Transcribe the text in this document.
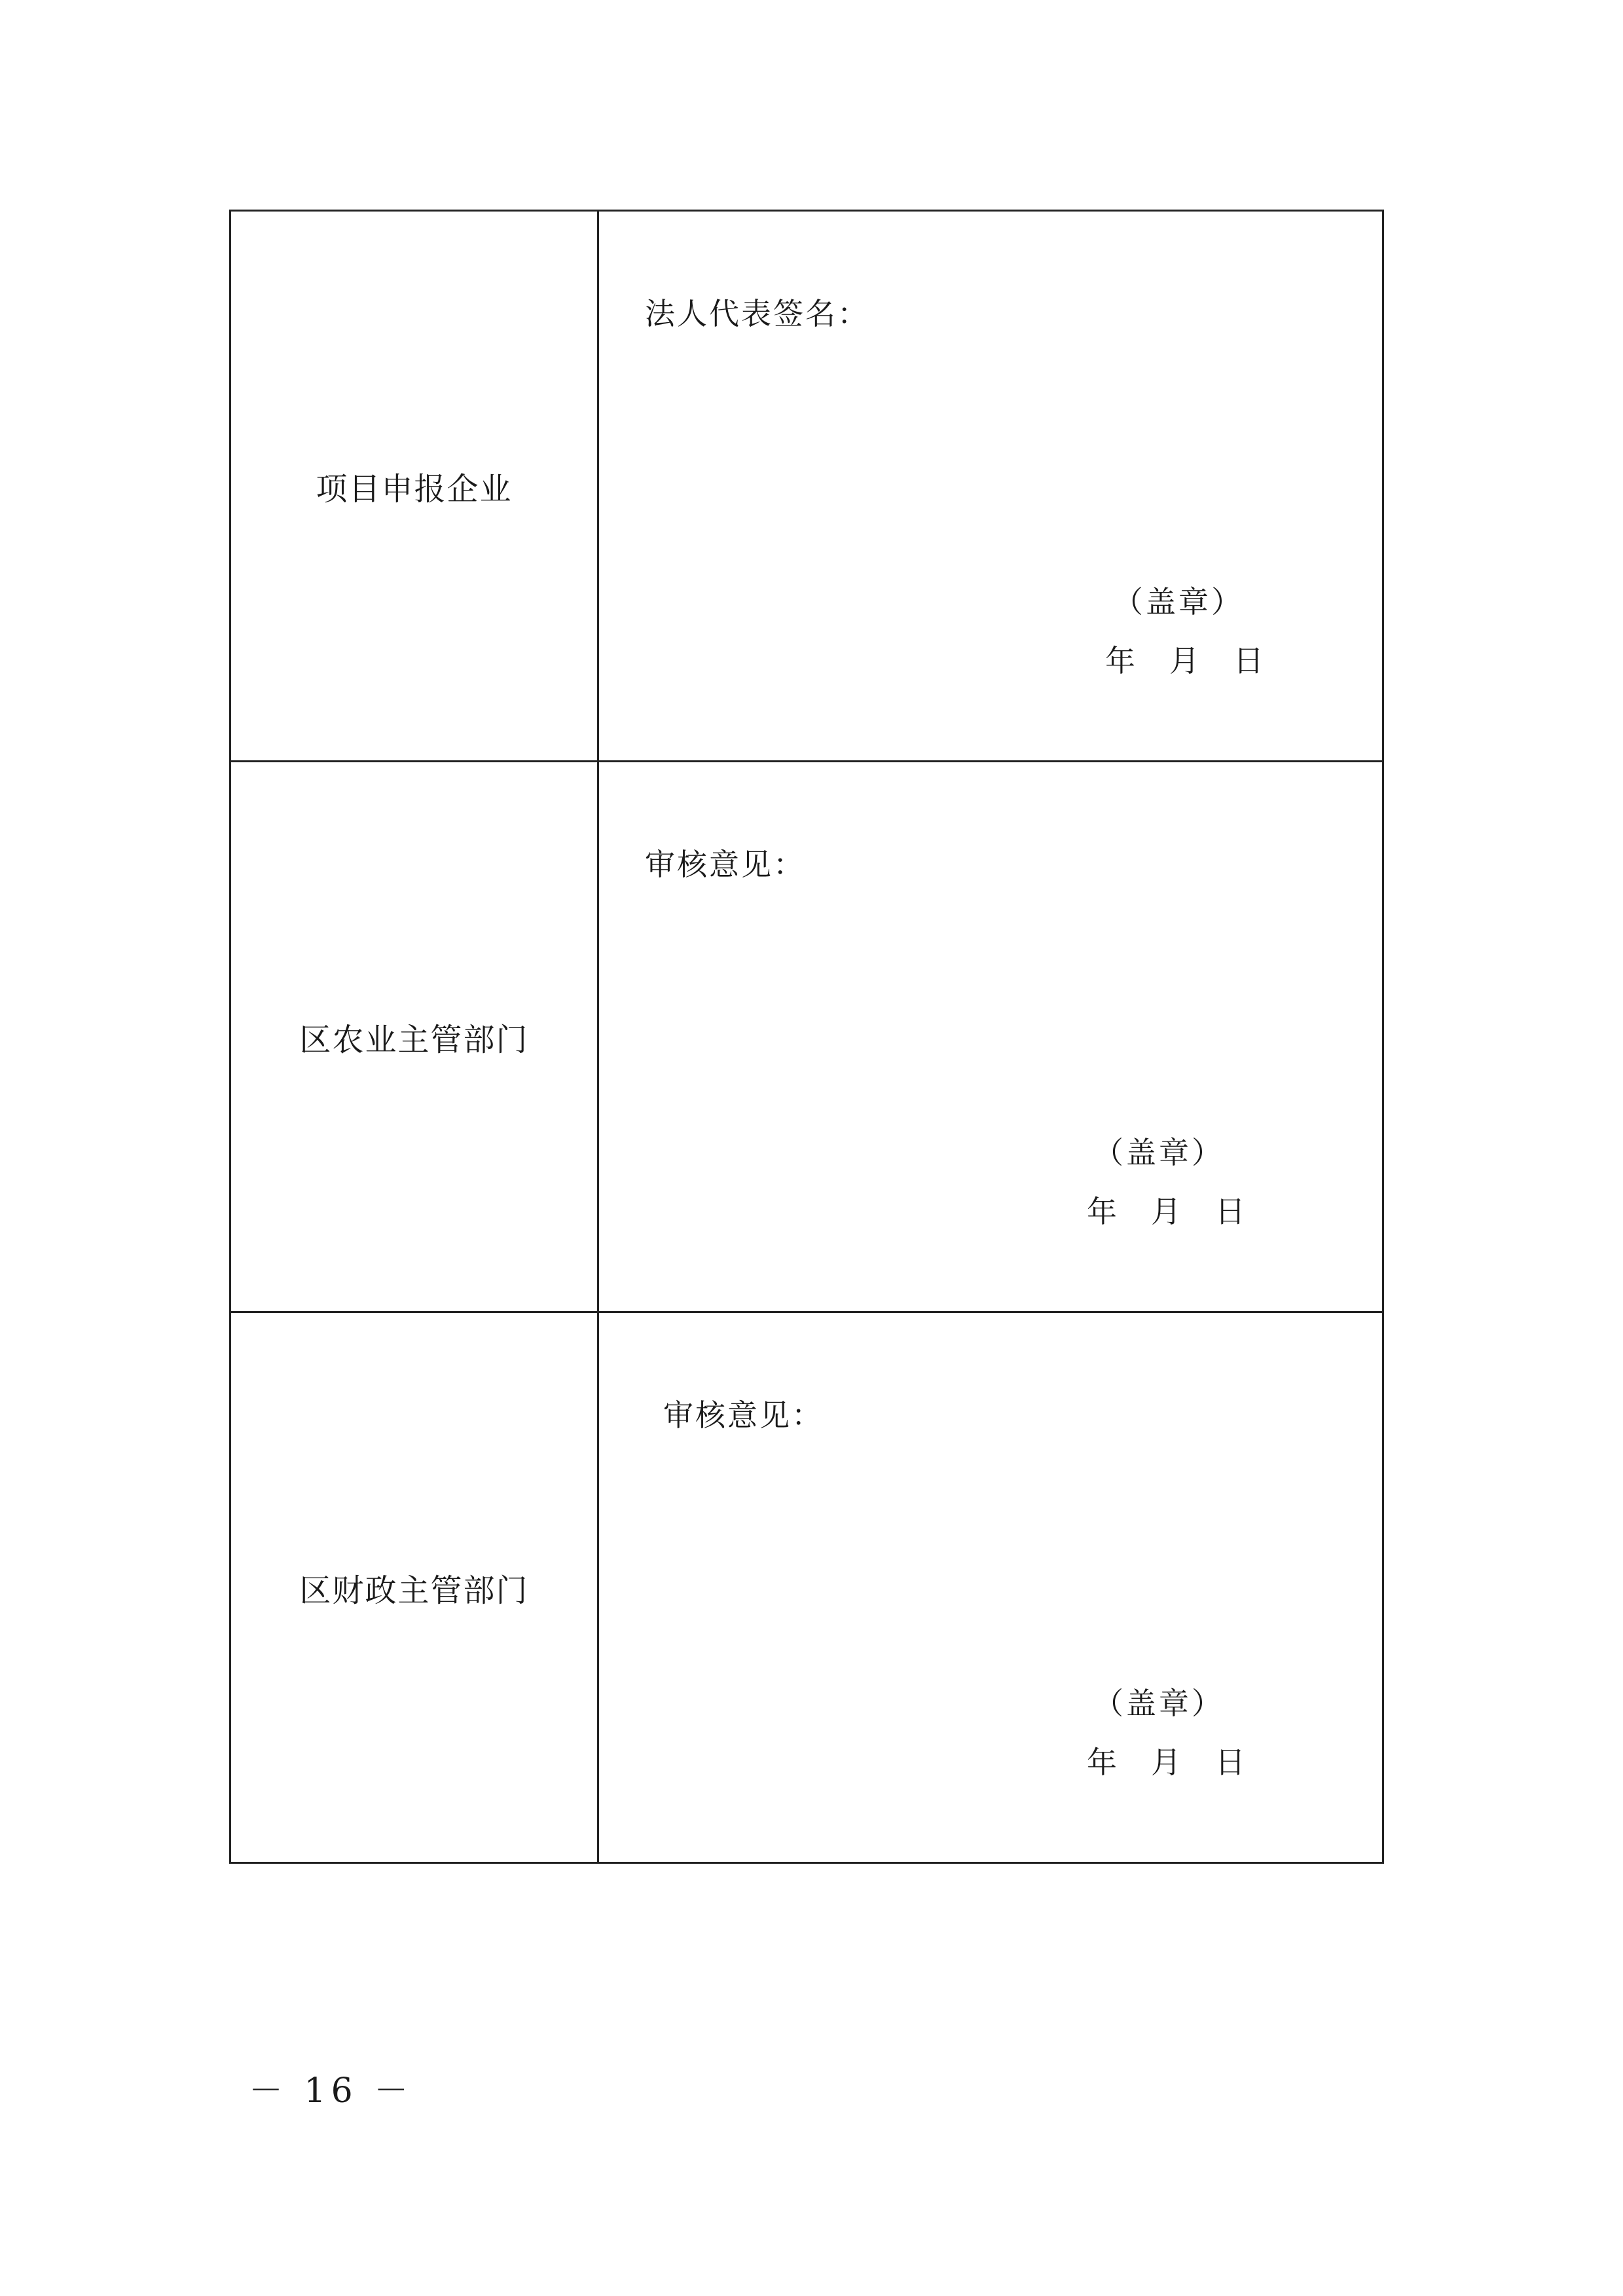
项目申报企业	法人代表签名：
（盖章）
年 月 日

区农业主管部门	审核意见：
（盖章）
年 月 日

区财政主管部门	审核意见：
（盖章）
年 月 日
－ 16 －
